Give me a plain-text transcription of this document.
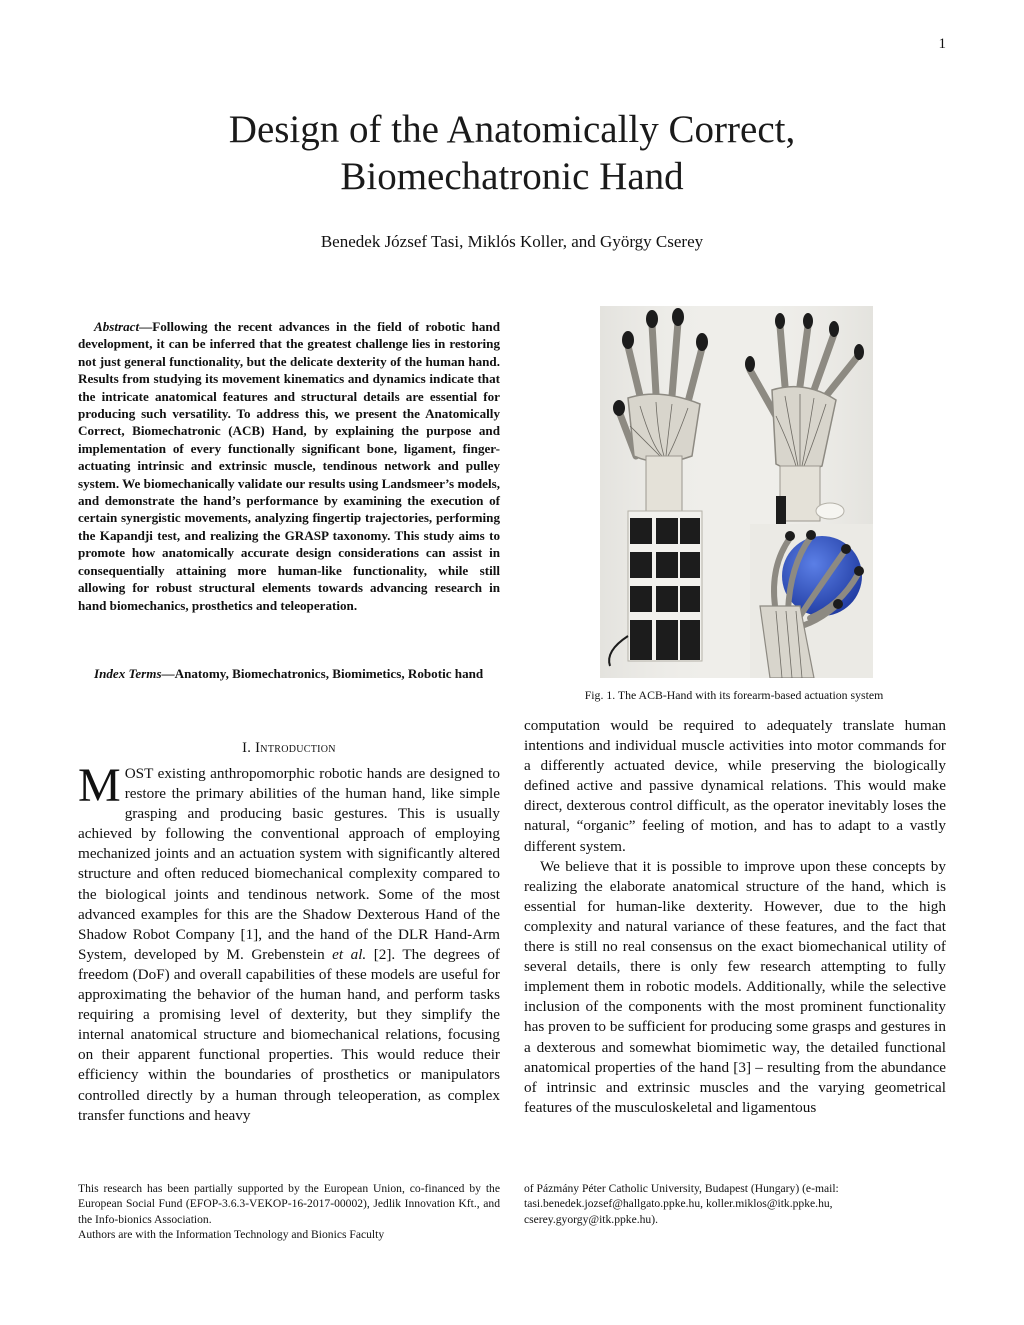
1
Design of the Anatomically Correct,
Biomechatronic Hand
Benedek József Tasi, Miklós Koller, and György Cserey
Abstract—Following the recent advances in the field of robotic hand development, it can be inferred that the greatest challenge lies in restoring not just general functionality, but the delicate dexterity of the human hand. Results from studying its movement kinematics and dynamics indicate that the intricate anatomical features and structural details are essential for producing such versatility. To address this, we present the Anatomically Correct, Biomechatronic (ACB) Hand, by explaining the purpose and implementation of every functionally significant bone, ligament, finger-actuating intrinsic and extrinsic muscle, tendinous network and pulley system. We biomechanically validate our results using Landsmeer’s models, and demonstrate the hand’s performance by examining the execution of certain synergistic movements, analyzing fingertip trajectories, performing the Kapandji test, and realizing the GRASP taxonomy. This study aims to promote how anatomically accurate design considerations can assist in consequentially attaining more human-like functionality, while still allowing for robust structural elements towards advancing research in hand biomechanics, prosthetics and teleoperation.
Index Terms—Anatomy, Biomechatronics, Biomimetics, Robotic hand
Fig. 1. The ACB-Hand with its forearm-based actuation system
I. Introduction
MOST existing anthropomorphic robotic hands are designed to restore the primary abilities of the human hand, like simple grasping and producing basic gestures. This is usually achieved by following the conventional approach of employing mechanized joints and an actuation system with significantly altered structure and often reduced biomechanical complexity compared to the biological joints and tendinous network. Some of the most advanced examples for this are the Shadow Dexterous Hand of the Shadow Robot Company [1], and the hand of the DLR Hand-Arm System, developed by M. Grebenstein et al. [2]. The degrees of freedom (DoF) and overall capabilities of these models are useful for approximating the behavior of the human hand, and perform tasks requiring a promising level of dexterity, but they simplify the internal anatomical structure and biomechanical relations, focusing on their apparent functional properties. This would reduce their efficiency within the boundaries of prosthetics or manipulators controlled directly by a human through teleoperation, as complex transfer functions and heavy

computation would be required to adequately translate human intentions and individual muscle activities into motor commands for a differently actuated device, while preserving the biologically defined active and passive dynamical relations. This would make direct, dexterous control difficult, as the operator inevitably loses the natural, “organic” feeling of motion, and has to adapt to a vastly different system.

We believe that it is possible to improve upon these concepts by realizing the elaborate anatomical structure of the hand, which is essential for human-like dexterity. However, due to the high complexity and natural variance of these features, and the fact that there is still no real consensus on the exact biomechanical utility of several details, there is only few research attempting to fully implement them in robotic models. Additionally, while the selective inclusion of the components with the most prominent functionality has proven to be sufficient for producing some grasps and gestures in a dexterous and somewhat biomimetic way, the detailed functional anatomical properties of the hand [3] – resulting from the abundance of intrinsic and extrinsic muscles and the varying geometrical features of the musculoskeletal and ligamentous

This research has been partially supported by the European Union, co-financed by the European Social Fund (EFOP-3.6.3-VEKOP-16-2017-00002), Jedlik Innovation Kft., and the Info-bionics Association.

Authors are with the Information Technology and Bionics Faculty

of Pázmány Péter Catholic University, Budapest (Hungary) (e-mail: tasi.benedek.jozsef@hallgato.ppke.hu, koller.miklos@itk.ppke.hu, cserey.gyorgy@itk.ppke.hu).
